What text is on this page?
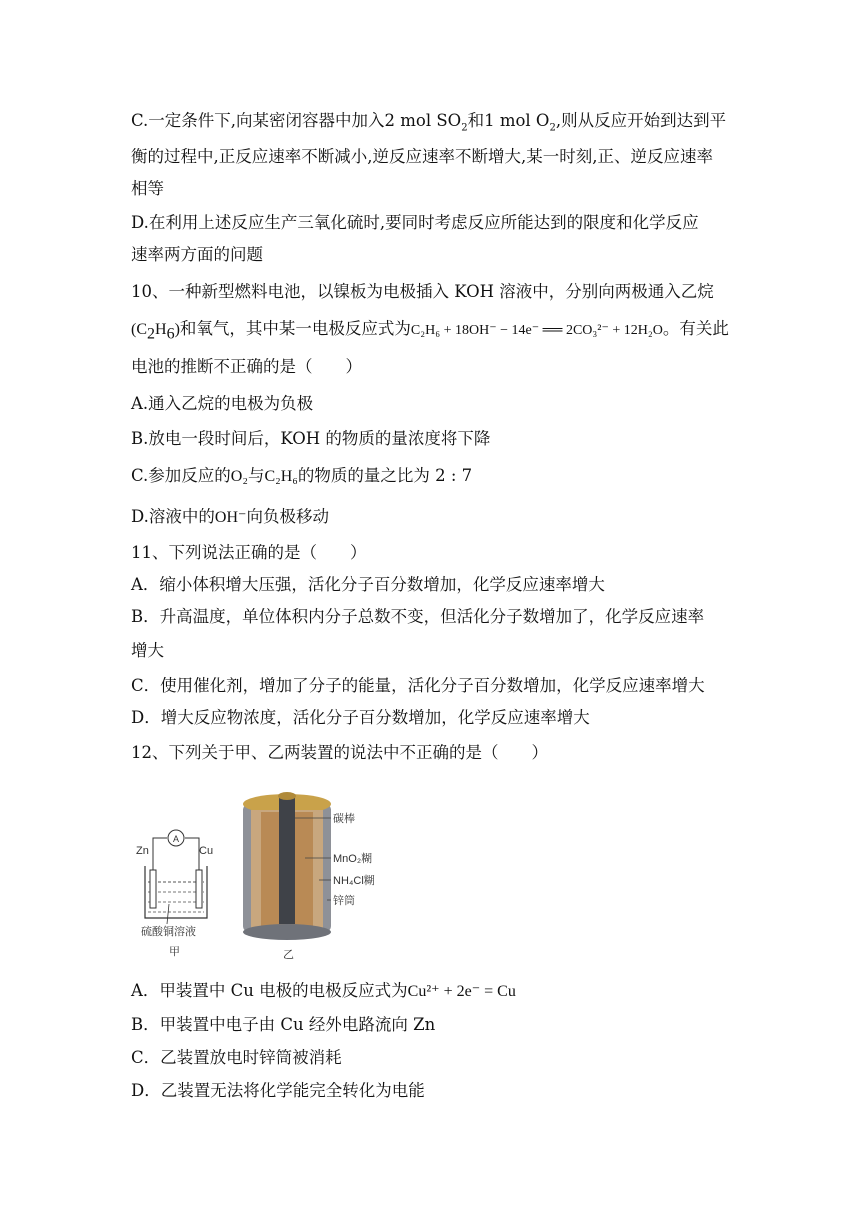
C.一定条件下,向某密闭容器中加入2 mol $SO_2$和1 mol $O_2$,则从反应开始到达到平
衡的过程中,正反应速率不断减小,逆反应速率不断增大,某一时刻,正、逆反应速率
相等
D.在利用上述反应生产三氧化硫时,要同时考虑反应所能达到的限度和化学反应
速率两方面的问题
10、一种新型燃料电池，以镍板为电极插入 KOH 溶液中，分别向两极通入乙烷
$(C_2H_6)$和氧气，其中某一电极反应式为C₂H₆ + 18OH⁻ − 14e⁻ ══ 2CO₃²⁻ + 12H₂O。有关此
电池的推断不正确的是（　　）
A.通入乙烷的电极为负极
B.放电一段时间后，KOH 的物质的量浓度将下降
C.参加反应的O₂与C₂H₆的物质的量之比为 2 : 7
D.溶液中的OH⁻向负极移动
11、下列说法正确的是（　　）
A．缩小体积增大压强，活化分子百分数增加，化学反应速率增大
B．升高温度，单位体积内分子总数不变，但活化分子数增加了，化学反应速率
增大
C．使用催化剂，增加了分子的能量，活化分子百分数增加，化学反应速率增大
D．增大反应物浓度，活化分子百分数增加，化学反应速率增大
12、下列关于甲、乙两装置的说法中不正确的是（　　）
A
Zn	Cu
硫酸铜溶液
甲
碳棒
MnO₂糊
NH₄Cl糊
锌筒
乙
A．甲装置中 Cu 电极的电极反应式为Cu²⁺ + 2e⁻ = Cu
B．甲装置中电子由 Cu 经外电路流向 Zn
C．乙装置放电时锌筒被消耗
D．乙装置无法将化学能完全转化为电能
